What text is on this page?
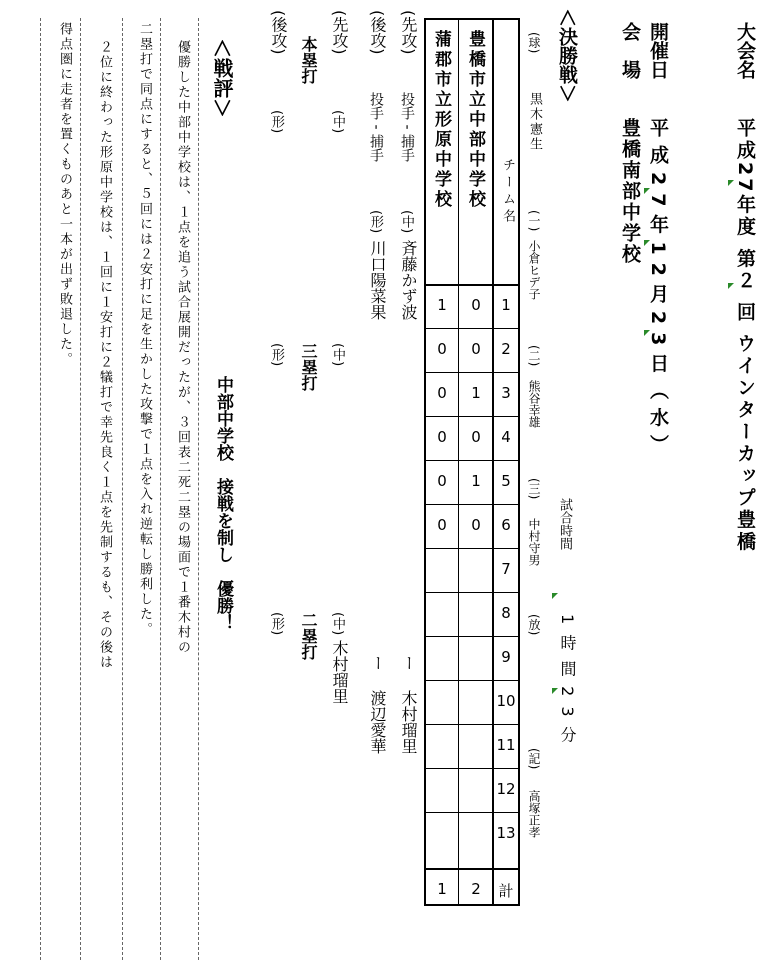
大会名
平成27年度 第２ 回 ウインターカップ豊橋
開催日
平成27年12月23日（水）
会　場
豊橋南部中学校
＜決勝戦＞
(球)
黒木憲生
(一)
小倉ヒデ子
(二)
熊谷幸雄
(三)
中村守男 試合時間
(放) 1時間23分
(記)
高塚正孝
豊橋市立中部中学校
蒲郡市立形原中学校	チーム名
1
0
1
2
0
0
3
1
0
4
0
0
5
1
0
6
0
0
7
8
9
10
11
12
13
計
2
1
(先攻)
投手 - 捕手
(中)
斉藤かず波
ー
木村瑠里
(後攻)
投手 - 捕手
(形)
川口陽菜果
ー
渡辺愛華
(先攻)
(中)
本塁打
(後攻)
(形)
(中)
三塁打
(形)
(中)
木村瑠里
二塁打
(形)
＜戦評＞
中部中学校　接戦を制し　優勝！
優勝した中部中学校は、１点を追う試合展開だったが、３回表二死二塁の場面で１番木村の
二塁打で同点にすると、５回には２安打に足を生かした攻撃で１点を入れ逆転し勝利した。
２位に終わった形原中学校は、１回に１安打に２犠打で幸先良く１点を先制するも、その後は
得点圏に走者を置くものあと一本が出ず敗退した。
